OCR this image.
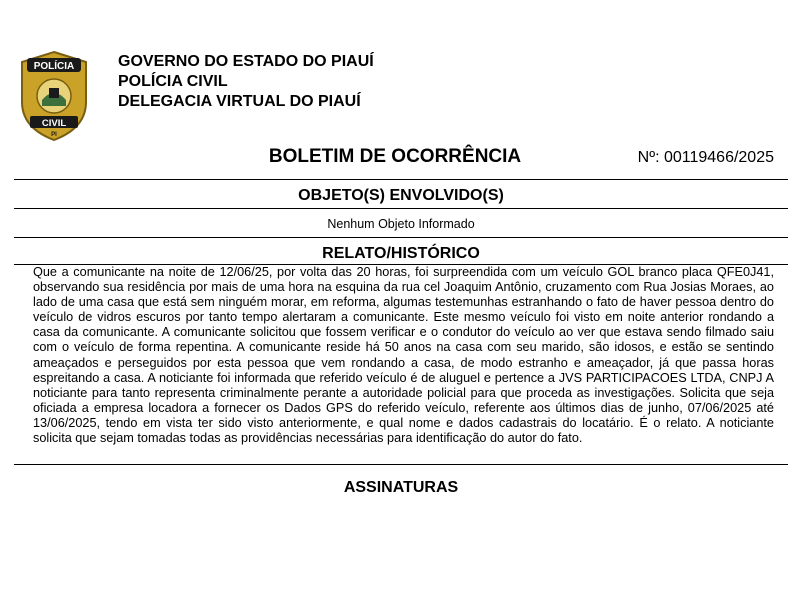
POLÍCIA
CIVIL
PI
GOVERNO DO ESTADO DO PIAUÍ
POLÍCIA CIVIL
DELEGACIA VIRTUAL DO PIAUÍ
BOLETIM DE OCORRÊNCIA	Nº: 00119466/2025
OBJETO(S) ENVOLVIDO(S)
Nenhum Objeto Informado
RELATO/HISTÓRICO
Que a comunicante na noite de 12/06/25, por volta das 20 horas, foi surpreendida com um veículo GOL branco placa QFE0J41, observando sua residência por mais de uma hora na esquina da rua cel Joaquim Antônio, cruzamento com Rua Josias Moraes, ao lado de uma casa que está sem ninguém morar, em reforma, algumas testemunhas estranhando o fato de haver pessoa dentro do veículo de vidros escuros por tanto tempo alertaram a comunicante. Este mesmo veículo foi visto em noite anterior rondando a casa da comunicante. A comunicante solicitou que fossem verificar e o condutor do veículo ao ver que estava sendo filmado saiu com o veículo de forma repentina. A comunicante reside há 50 anos na casa com seu marido, são idosos, e estão se sentindo ameaçados e perseguidos por esta pessoa que vem rondando a casa, de modo estranho e ameaçador, já que passa horas espreitando a casa. A noticiante foi informada que referido veículo é de aluguel e pertence a JVS PARTICIPACOES LTDA, CNPJ A noticiante para tanto representa criminalmente perante a autoridade policial para que proceda as investigações. Solicita que seja oficiada a empresa locadora a fornecer os Dados GPS do referido veículo, referente aos últimos dias de junho, 07/06/2025 até 13/06/2025, tendo em vista ter sido visto anteriormente, e qual nome e dados cadastrais do locatário. É o relato. A noticiante solicita que sejam tomadas todas as providências necessárias para identificação do autor do fato.
ASSINATURAS
